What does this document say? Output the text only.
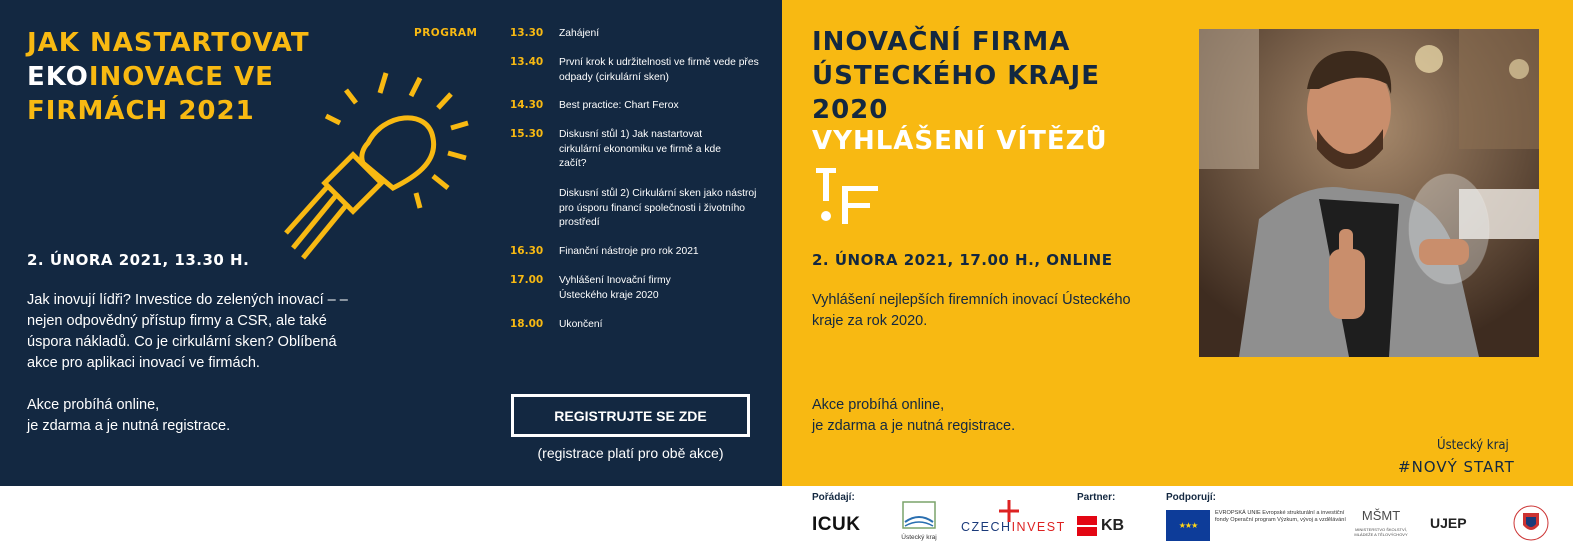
JAK NASTARTOVAT
EKOINOVACE VE
FIRMÁCH 2021
2. ÚNORA 2021, 13.30 H.
Jak inovují lídři? Investice do zelených inovací – – nejen odpovědný přístup firmy a CSR, ale také úspora nákladů. Co je cirkulární sken? Oblíbená akce pro aplikaci inovací ve firmách.
Akce probíhá online,
je zdarma a je nutná registrace.
PROGRAM	13.30 Zahájení
13.40 První krok k udržitelnosti ve firmě vede přes odpady (cirkulární sken)
14.30 Best practice: Chart Ferox
15.30 Diskusní stůl 1) Jak nastartovat cirkulární ekonomiku ve firmě a kde začít?
Diskusní stůl 2) Cirkulární sken jako nástroj pro úsporu financí společnosti i životního prostředí
16.30 Finanční nástroje pro rok 2021
17.00 Vyhlášení Inovační firmy Ústeckého kraje 2020
18.00 Ukončení
REGISTRUJTE SE ZDE
(registrace platí pro obě akce)
INOVAČNÍ FIRMA
ÚSTECKÉHO KRAJE
2020
VYHLÁŠENÍ VÍTĚZŮ
2. ÚNORA 2021, 17.00 H., ONLINE
Vyhlášení nejlepších firemních inovací Ústeckého kraje za rok 2020.
Akce probíhá online,
je zdarma a je nutná registrace.
Ústecký kraj
#NOVÝ START
Pořádají:	Partner:	Podporují:
ICUK
Ústecký kraj
CZECHINVEST KB	★★★
EVROPSKÁ UNIE Evropské strukturální a investiční fondy Operační program Výzkum, vývoj a vzdělávání	MŠMT
MINISTERSTVO ŠKOLSTVÍ, MLÁDEŽE A TĚLOVÝCHOVY
UJEP
